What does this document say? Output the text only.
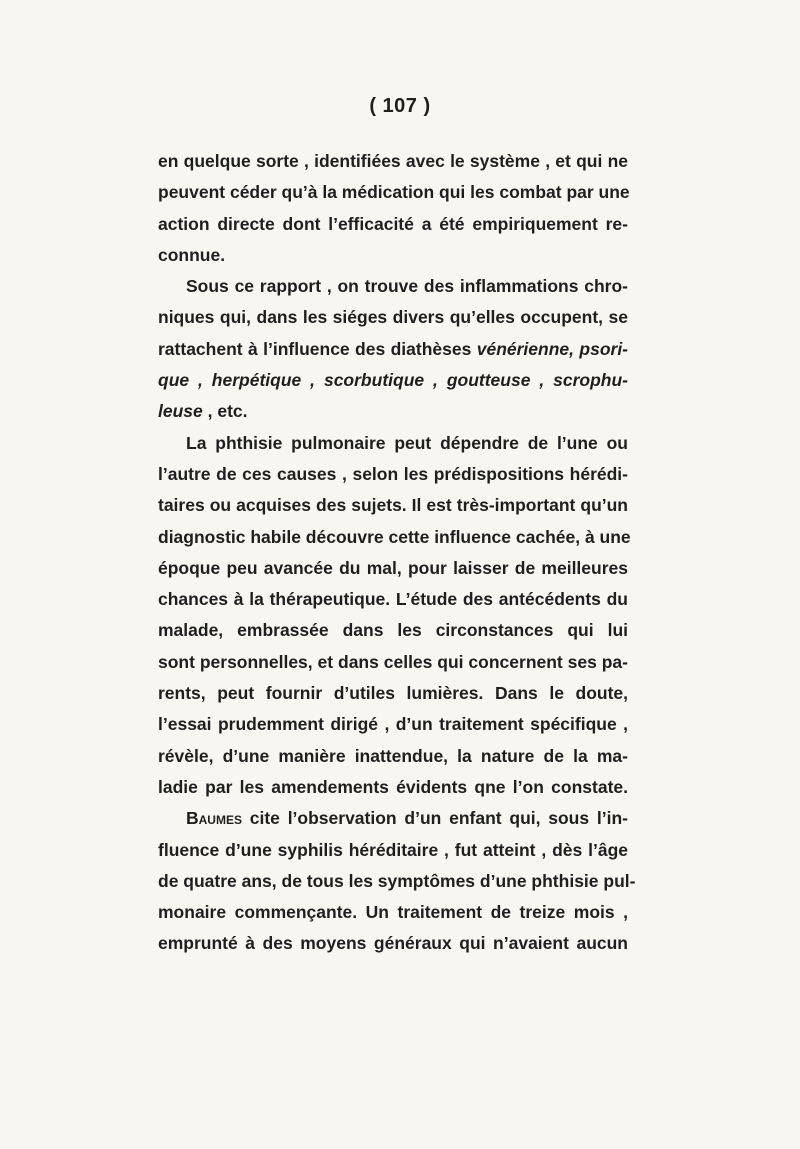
( 107 )
en quelque sorte , identifiées avec le système , et qui ne
peuvent céder qu’à la médication qui les combat par une
action directe dont l’efficacité a été empiriquement re-
connue.
Sous ce rapport , on trouve des inflammations chro-
niques qui, dans les siéges divers qu’elles occupent, se
rattachent à l’influence des diathèses vénérienne, psori-
que , herpétique , scorbutique , goutteuse , scrophu-
leuse , etc.
La phthisie pulmonaire peut dépendre de l’une ou
l’autre de ces causes , selon les prédispositions hérédi-
taires ou acquises des sujets. Il est très-important qu’un
diagnostic habile découvre cette influence cachée, à une
époque peu avancée du mal, pour laisser de meilleures
chances à la thérapeutique. L’étude des antécédents du
malade, embrassée dans les circonstances qui lui
sont personnelles, et dans celles qui concernent ses pa-
rents, peut fournir d’utiles lumières. Dans le doute,
l’essai prudemment dirigé , d’un traitement spécifique ,
révèle, d’une manière inattendue, la nature de la ma-
ladie par les amendements évidents qne l’on constate.
Baumes cite l’observation d’un enfant qui, sous l’in-
fluence d’une syphilis héréditaire , fut atteint , dès l’âge
de quatre ans, de tous les symptômes d’une phthisie pul-
monaire commençante. Un traitement de treize mois ,
emprunté à des moyens généraux qui n’avaient aucun
